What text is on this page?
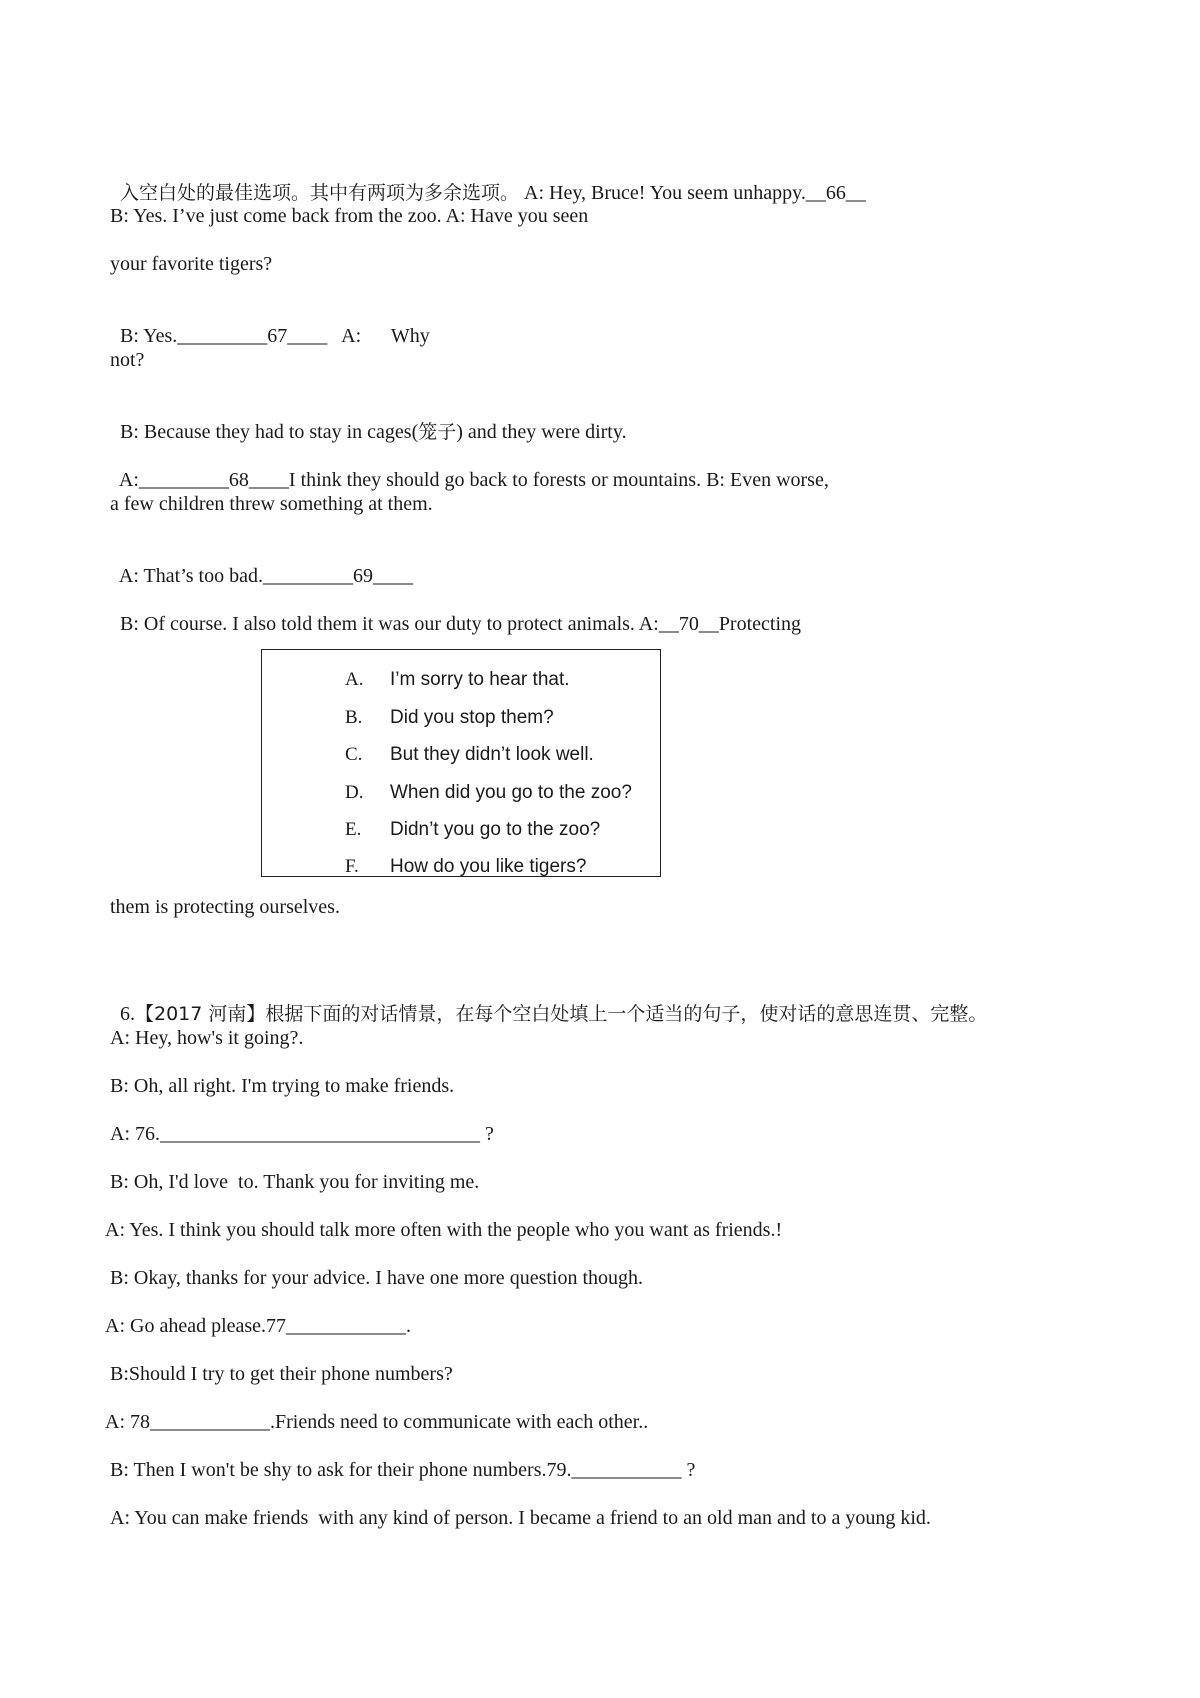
入空白处的最佳选项。其中有两项为多余选项。 A: Hey, Bruce! You seem unhappy.__66__

B: Yes. I’ve just come back from the zoo. A: Have you seen
your favorite tigers?

B: Yes._________67____ A: Why

not?

B: Because they had to stay in cages(笼子) and they were dirty.

A:_________68____I think they should go back to forests or mountains. B: Even worse,

a few children threw something at them.

A: That’s too bad._________69____

B: Of course. I also told them it was our duty to protect animals. A:__70__Protecting

A.	I’m sorry to hear that.
B.	Did you stop them?
C.	But they didn’t look well.
D.	When did you go to the zoo?
E.	Didn’t you go to the zoo?
F.	How do you like tigers?
them is protecting ourselves.

6.【2017 河南】根据下面的对话情景，在每个空白处填上一个适当的句子，使对话的意思连贯、完整。

A: Hey, how's it going?.
B: Oh, all right. I'm trying to make friends.
A: 76.________________________________ ?
B: Oh, I'd love  to. Thank you for inviting me.
A: Yes. I think you should talk more often with the people who you want as friends.!
B: Okay, thanks for your advice. I have one more question though.
A: Go ahead please.77____________.
B:Should I try to get their phone numbers?
A: 78____________.Friends need to communicate with each other..
B: Then I won't be shy to ask for their phone numbers.79.___________ ?
A: You can make friends  with any kind of person. I became a friend to an old man and to a young kid.
